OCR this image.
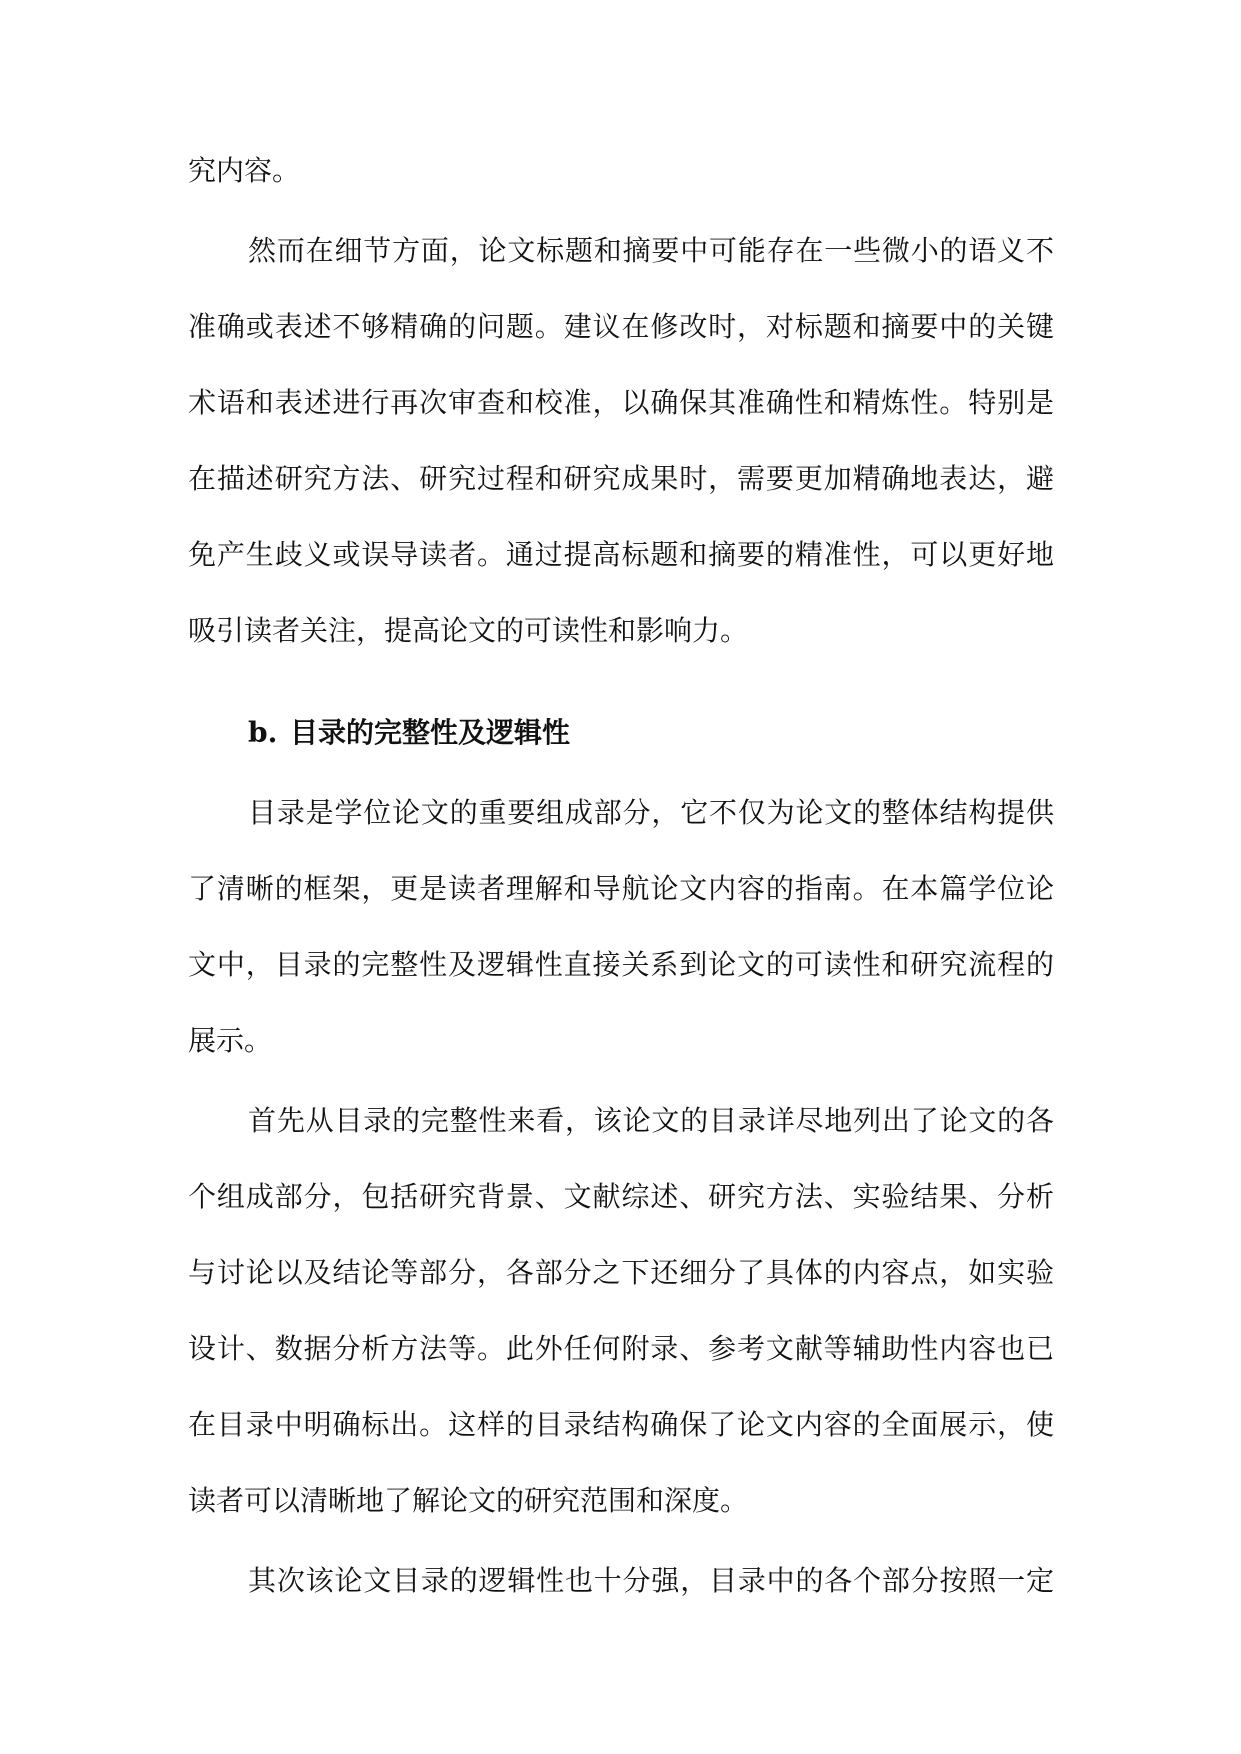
究内容。
然而在细节方面，论文标题和摘要中可能存在一些微小的语义不
准确或表述不够精确的问题。建议在修改时，对标题和摘要中的关键
术语和表述进行再次审查和校准，以确保其准确性和精炼性。特别是
在描述研究方法、研究过程和研究成果时，需要更加精确地表达，避
免产生歧义或误导读者。通过提高标题和摘要的精准性，可以更好地
吸引读者关注，提高论文的可读性和影响力。
b. 目录的完整性及逻辑性
目录是学位论文的重要组成部分，它不仅为论文的整体结构提供
了清晰的框架，更是读者理解和导航论文内容的指南。在本篇学位论
文中，目录的完整性及逻辑性直接关系到论文的可读性和研究流程的
展示。
首先从目录的完整性来看，该论文的目录详尽地列出了论文的各
个组成部分，包括研究背景、文献综述、研究方法、实验结果、分析
与讨论以及结论等部分，各部分之下还细分了具体的内容点，如实验
设计、数据分析方法等。此外任何附录、参考文献等辅助性内容也已
在目录中明确标出。这样的目录结构确保了论文内容的全面展示，使
读者可以清晰地了解论文的研究范围和深度。
其次该论文目录的逻辑性也十分强，目录中的各个部分按照一定
